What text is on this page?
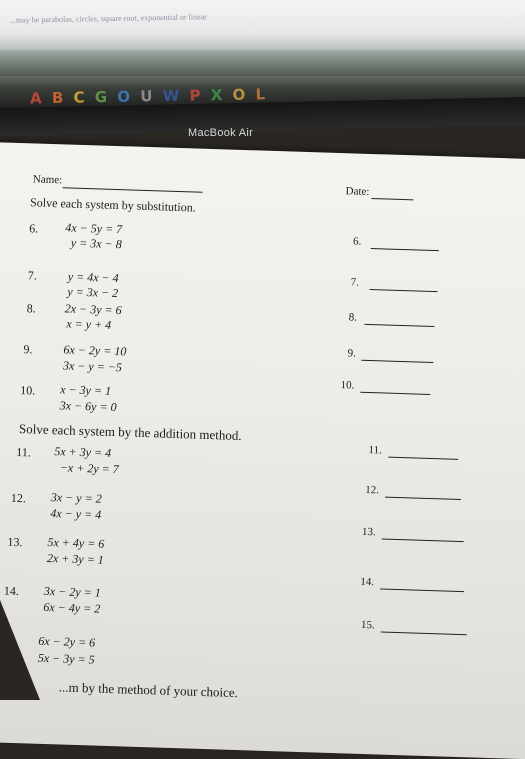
...may be parabolas, circles, square root, exponential or linear
A B C G O U W P X O L
MacBook Air
Name:
Date:
Solve each system by substitution.
6. 4x − 5y = 7
y = 3x − 8	6.
7.	y = 4x − 4
y = 3x − 2
7.
8. 2x − 3y = 6
x = y + 4	8.
9.	6x − 2y = 10
3x − y = −5
9.
10. x − 3y = 1
3x − 6y = 0
10.
Solve each system by the addition method.
11. 5x + 3y = 4
−x + 2y = 7
11.
12. 3x − y = 2
4x − y = 4
12.
13. 5x + 4y = 6
2x + 3y = 1
13.
14. 3x − 2y = 1
6x − 4y = 2
14.
15. 6x − 2y = 6
5x − 3y = 5
15.
...m by the method of your choice.
